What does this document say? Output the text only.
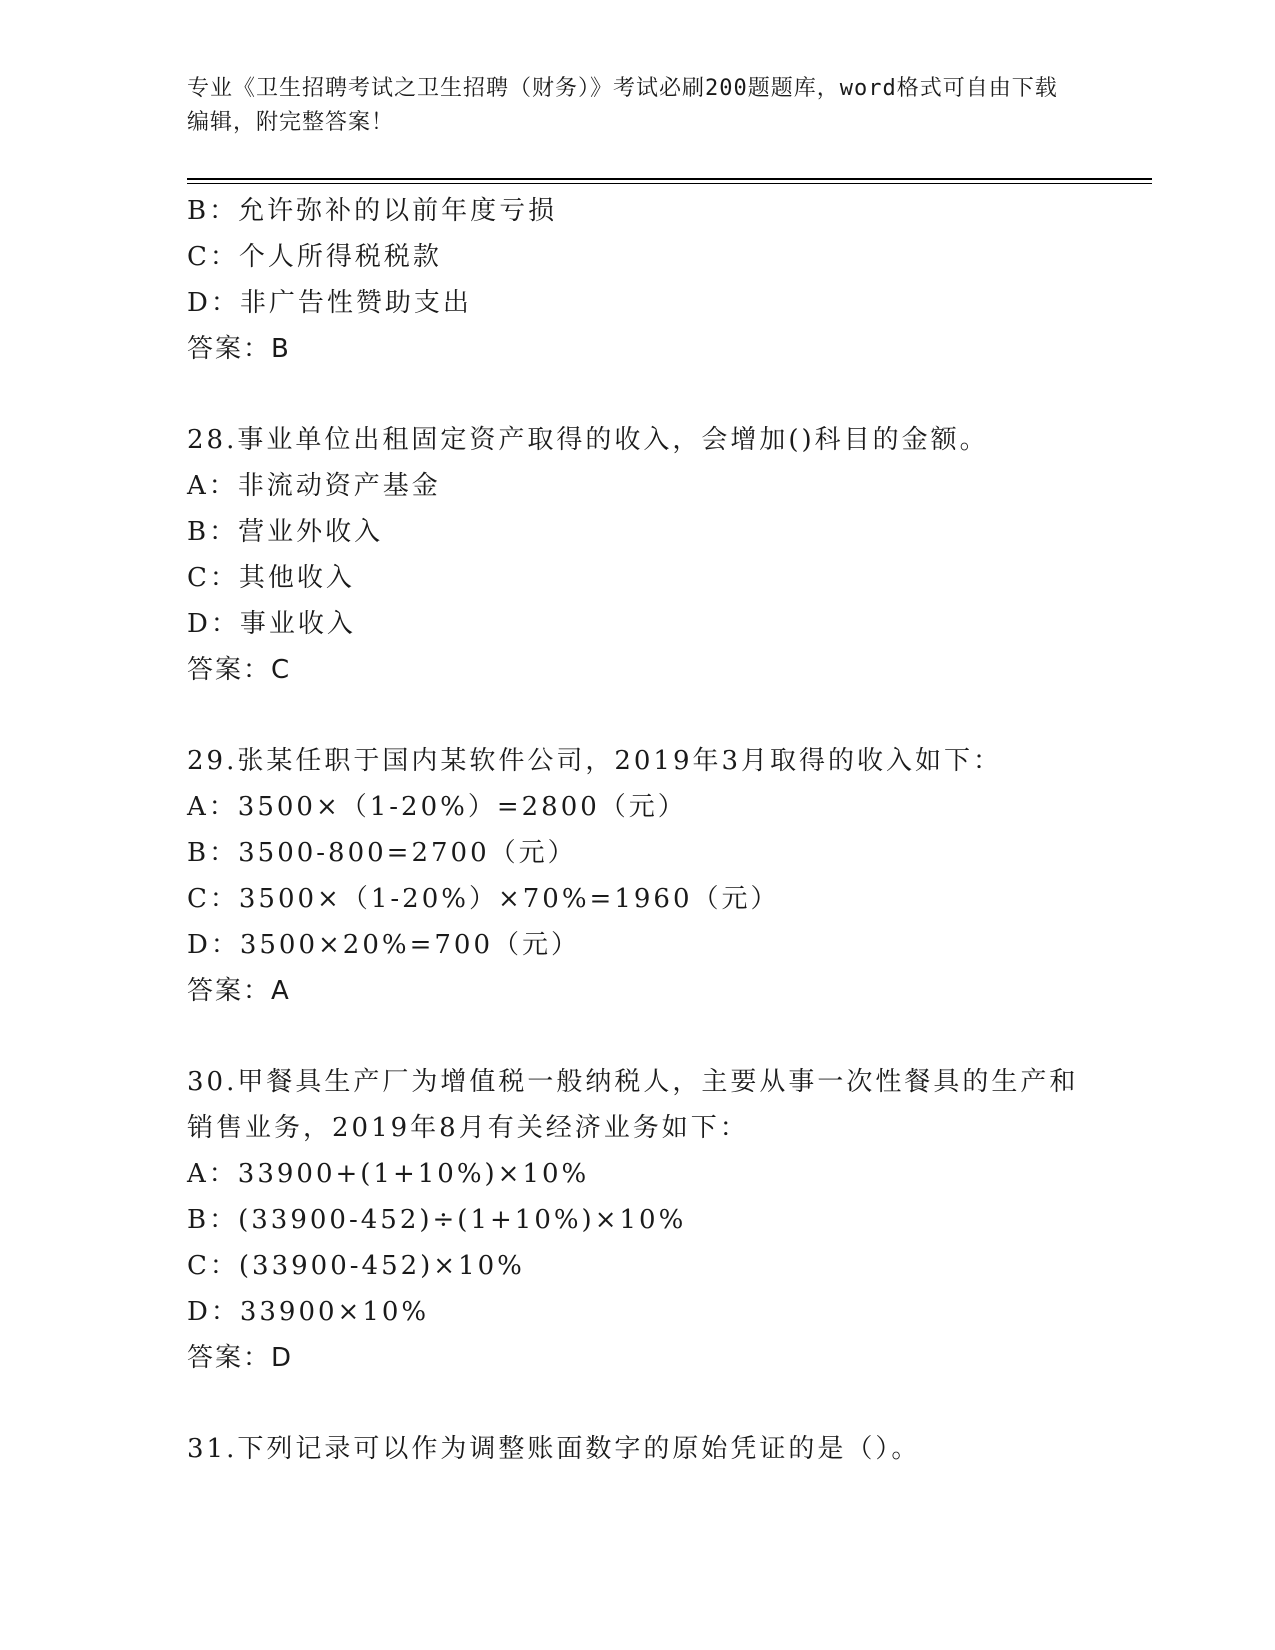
专业《卫生招聘考试之卫生招聘（财务）》考试必刷200题题库，word格式可自由下载编辑，附完整答案！
B：允许弥补的以前年度亏损
C：个人所得税税款
D：非广告性赞助支出
答案：B
28.事业单位出租固定资产取得的收入，会增加()科目的金额。
A：非流动资产基金
B：营业外收入
C：其他收入
D：事业收入
答案：C
29.张某任职于国内某软件公司，2019年3月取得的收入如下：
A：3500×（1-20%）=2800（元）
B：3500-800=2700（元）
C：3500×（1-20%）×70%=1960（元）
D：3500×20%=700（元）
答案：A
30.甲餐具生产厂为增值税一般纳税人，主要从事一次性餐具的生产和
销售业务，2019年8月有关经济业务如下：
A：33900+(1+10%)×10%
B：(33900-452)÷(1+10%)×10%
C：(33900-452)×10%
D：33900×10%
答案：D
31.下列记录可以作为调整账面数字的原始凭证的是（）。
